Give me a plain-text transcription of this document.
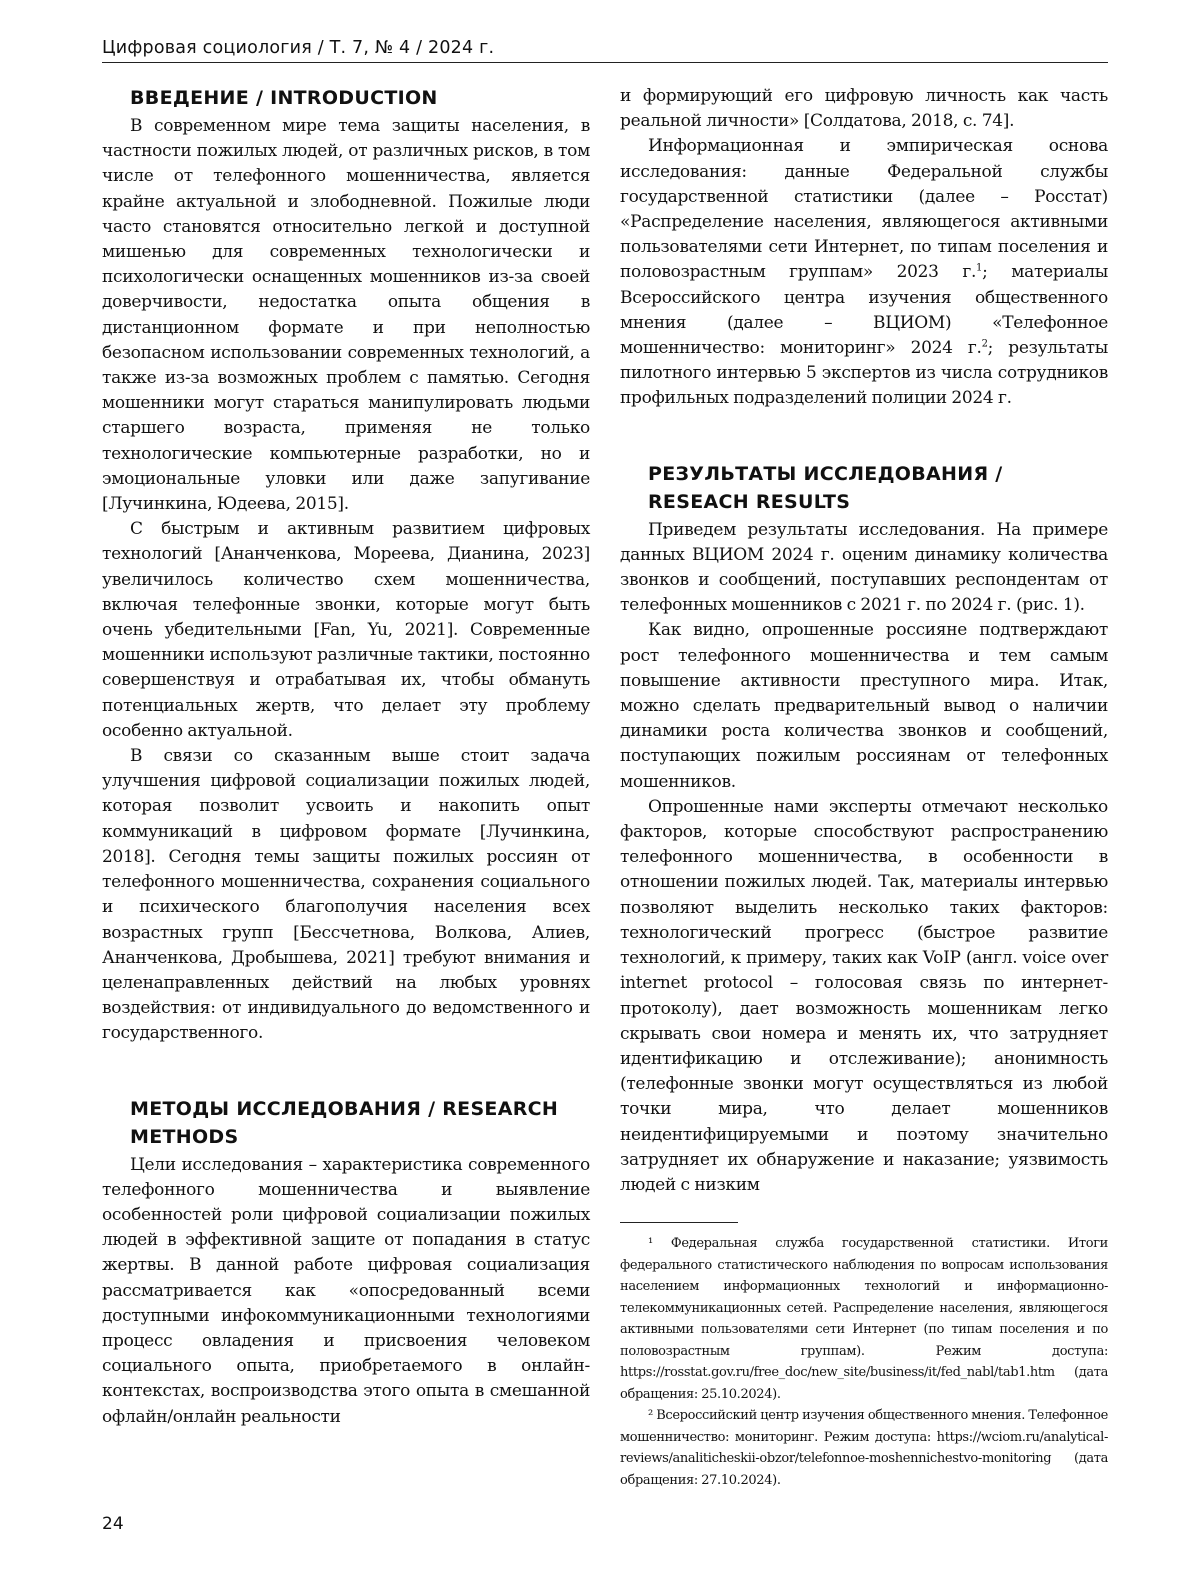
Цифровая социология / Т. 7, № 4 / 2024 г.
ВВЕДЕНИЕ / INTRODUCTION

В современном мире тема защиты населения, в частности пожилых людей, от различных рисков, в том числе от телефонного мошенничества, является крайне актуальной и злободневной. Пожилые люди часто становятся относительно легкой и доступной мишенью для современных технологически и психологически оснащенных мошенников из-за своей доверчивости, недостатка опыта общения в дистанционном формате и при неполностью безопасном использовании современных технологий, а также из-за возможных проблем с памятью. Сегодня мошенники могут стараться манипулировать людьми старшего возраста, применяя не только технологические компьютерные разработки, но и эмоциональные уловки или даже запугивание [Лучинкина, Юдеева, 2015].

С быстрым и активным развитием цифровых технологий [Ананченкова, Мореева, Дианина, 2023] увеличилось количество схем мошенничества, включая телефонные звонки, которые могут быть очень убедительными [Fan, Yu, 2021]. Современные мошенники используют различные тактики, постоянно совершенствуя и отрабатывая их, чтобы обмануть потенциальных жертв, что делает эту проблему особенно актуальной.

В связи со сказанным выше стоит задача улучшения цифровой социализации пожилых людей, которая позволит усвоить и накопить опыт коммуникаций в цифровом формате [Лучинкина, 2018]. Сегодня темы защиты пожилых россиян от телефонного мошенничества, сохранения социального и психического благополучия населения всех возрастных групп [Бессчетнова, Волкова, Алиев, Ананченкова, Дробышева, 2021] требуют внимания и целенаправленных действий на любых уровнях воздействия: от индивидуального до ведомственного и государственного.

МЕТОДЫ ИССЛЕДОВАНИЯ / RESEARCH METHODS

Цели исследования – характеристика современного телефонного мошенничества и выявление особенностей роли цифровой социализации пожилых людей в эффективной защите от попадания в статус жертвы. В данной работе цифровая социализация рассматривается как «опосредованный всеми доступными инфокоммуникационными технологиями процесс овладения и присвоения человеком социального опыта, приобретаемого в онлайн-контекстах, воспроизводства этого опыта в смешанной офлайн/онлайн реальности

и формирующий его цифровую личность как часть реальной личности» [Солдатова, 2018, с. 74].

Информационная и эмпирическая основа исследования: данные Федеральной службы государственной статистики (далее – Росстат) «Распределение населения, являющегося активными пользователями сети Интернет, по типам поселения и половозрастным группам» 2023 г.$^1$; материалы Всероссийского центра изучения общественного мнения (далее – ВЦИОМ) «Телефонное мошенничество: мониторинг» 2024 г.$^2$; результаты пилотного интервью 5 экспертов из числа сотрудников профильных подразделений полиции 2024 г.

РЕЗУЛЬТАТЫ ИССЛЕДОВАНИЯ / RESEACH RESULTS

Приведем результаты исследования. На примере данных ВЦИОМ 2024 г. оценим динамику количества звонков и сообщений, поступавших респондентам от телефонных мошенников с 2021 г. по 2024 г. (рис. 1).

Как видно, опрошенные россияне подтверждают рост телефонного мошенничества и тем самым повышение активности преступного мира. Итак, можно сделать предварительный вывод о наличии динамики роста количества звонков и сообщений, поступающих пожилым россиянам от телефонных мошенников.

Опрошенные нами эксперты отмечают несколько факторов, которые способствуют распространению телефонного мошенничества, в особенности в отношении пожилых людей. Так, материалы интервью позволяют выделить несколько таких факторов: технологический прогресс (быстрое развитие технологий, к примеру, таких как VoIP (англ. voice over internet protocol – голосовая связь по интернет-протоколу), дает возможность мошенникам легко скрывать свои номера и менять их, что затрудняет идентификацию и отслеживание); анонимность (телефонные звонки могут осуществляться из любой точки мира, что делает мошенников неидентифицируемыми и поэтому значительно затрудняет их обнаружение и наказание; уязвимость людей с низким

¹ Федеральная служба государственной статистики. Итоги федерального статистического наблюдения по вопросам использования населением информационных технологий и информационно-телекоммуникационных сетей. Распределение населения, являющегося активными пользователями сети Интернет (по типам поселения и по половозрастным группам). Режим доступа: https://rosstat.gov.ru/free_doc/new_site/business/it/fed_nabl/tab1.htm (дата обращения: 25.10.2024).

² Всероссийский центр изучения общественного мнения. Телефонное мошенничество: мониторинг. Режим доступа: https://wciom.ru/analytical-reviews/analiticheskii-obzor/telefonnoe-moshennichestvo-monitoring (дата обращения: 27.10.2024).

24
